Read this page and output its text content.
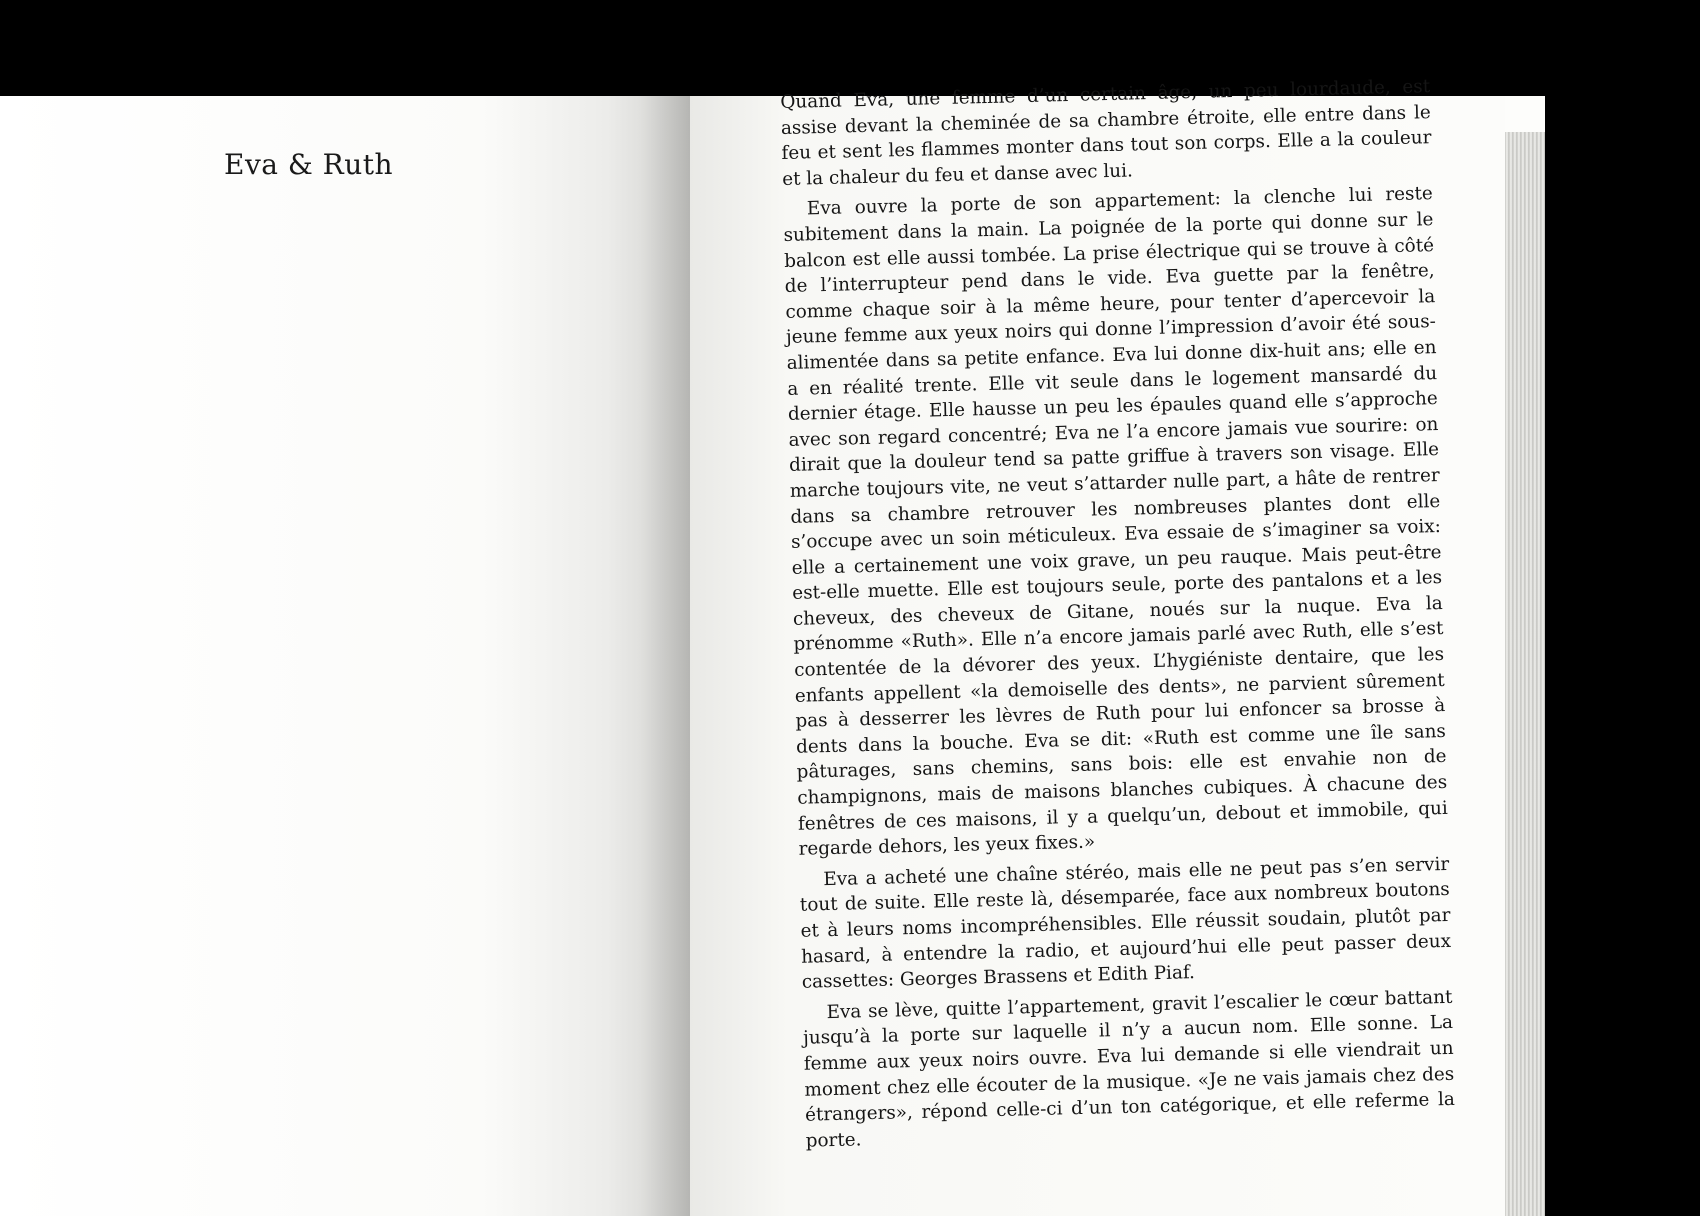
Eva & Ruth

Quand Eva, une femme d’un certain âge, un peu lourdaude, est assise devant la cheminée de sa chambre étroite, elle entre dans le feu et sent les flammes monter dans tout son corps. Elle a la couleur et la chaleur du feu et danse avec lui.

Eva ouvre la porte de son appartement: la clenche lui reste subitement dans la main. La poignée de la porte qui donne sur le balcon est elle aussi tombée. La prise électrique qui se trouve à côté de l’interrupteur pend dans le vide. Eva guette par la fenêtre, comme chaque soir à la même heure, pour tenter d’apercevoir la jeune femme aux yeux noirs qui donne l’impression d’avoir été sous-alimentée dans sa petite enfance. Eva lui donne dix-huit ans; elle en a en réalité trente. Elle vit seule dans le logement mansardé du dernier étage. Elle hausse un peu les épaules quand elle s’approche avec son regard concentré; Eva ne l’a encore jamais vue sourire: on dirait que la douleur tend sa patte griffue à travers son visage. Elle marche toujours vite, ne veut s’attarder nulle part, a hâte de rentrer dans sa chambre retrouver les nombreuses plantes dont elle s’occupe avec un soin méticuleux. Eva essaie de s’imaginer sa voix: elle a certainement une voix grave, un peu rauque. Mais peut-être est-elle muette. Elle est toujours seule, porte des pantalons et a les cheveux, des cheveux de Gitane, noués sur la nuque. Eva la prénomme «Ruth». Elle n’a encore jamais parlé avec Ruth, elle s’est contentée de la dévorer des yeux. L’hygiéniste dentaire, que les enfants appellent «la demoiselle des dents», ne parvient sûrement pas à desserrer les lèvres de Ruth pour lui enfoncer sa brosse à dents dans la bouche. Eva se dit: «Ruth est comme une île sans pâturages, sans chemins, sans bois: elle est envahie non de champignons, mais de maisons blanches cubiques. À chacune des fenêtres de ces maisons, il y a quelqu’un, debout et immobile, qui regarde dehors, les yeux fixes.»

Eva a acheté une chaîne stéréo, mais elle ne peut pas s’en servir tout de suite. Elle reste là, désemparée, face aux nombreux boutons et à leurs noms incompréhensibles. Elle réussit soudain, plutôt par hasard, à entendre la radio, et aujourd’hui elle peut passer deux cassettes: Georges Brassens et Edith Piaf.

Eva se lève, quitte l’appartement, gravit l’escalier le cœur battant jusqu’à la porte sur laquelle il n’y a aucun nom. Elle sonne. La femme aux yeux noirs ouvre. Eva lui demande si elle viendrait un moment chez elle écouter de la musique. «Je ne vais jamais chez des étrangers», répond celle-ci d’un ton catégorique, et elle referme la porte.
